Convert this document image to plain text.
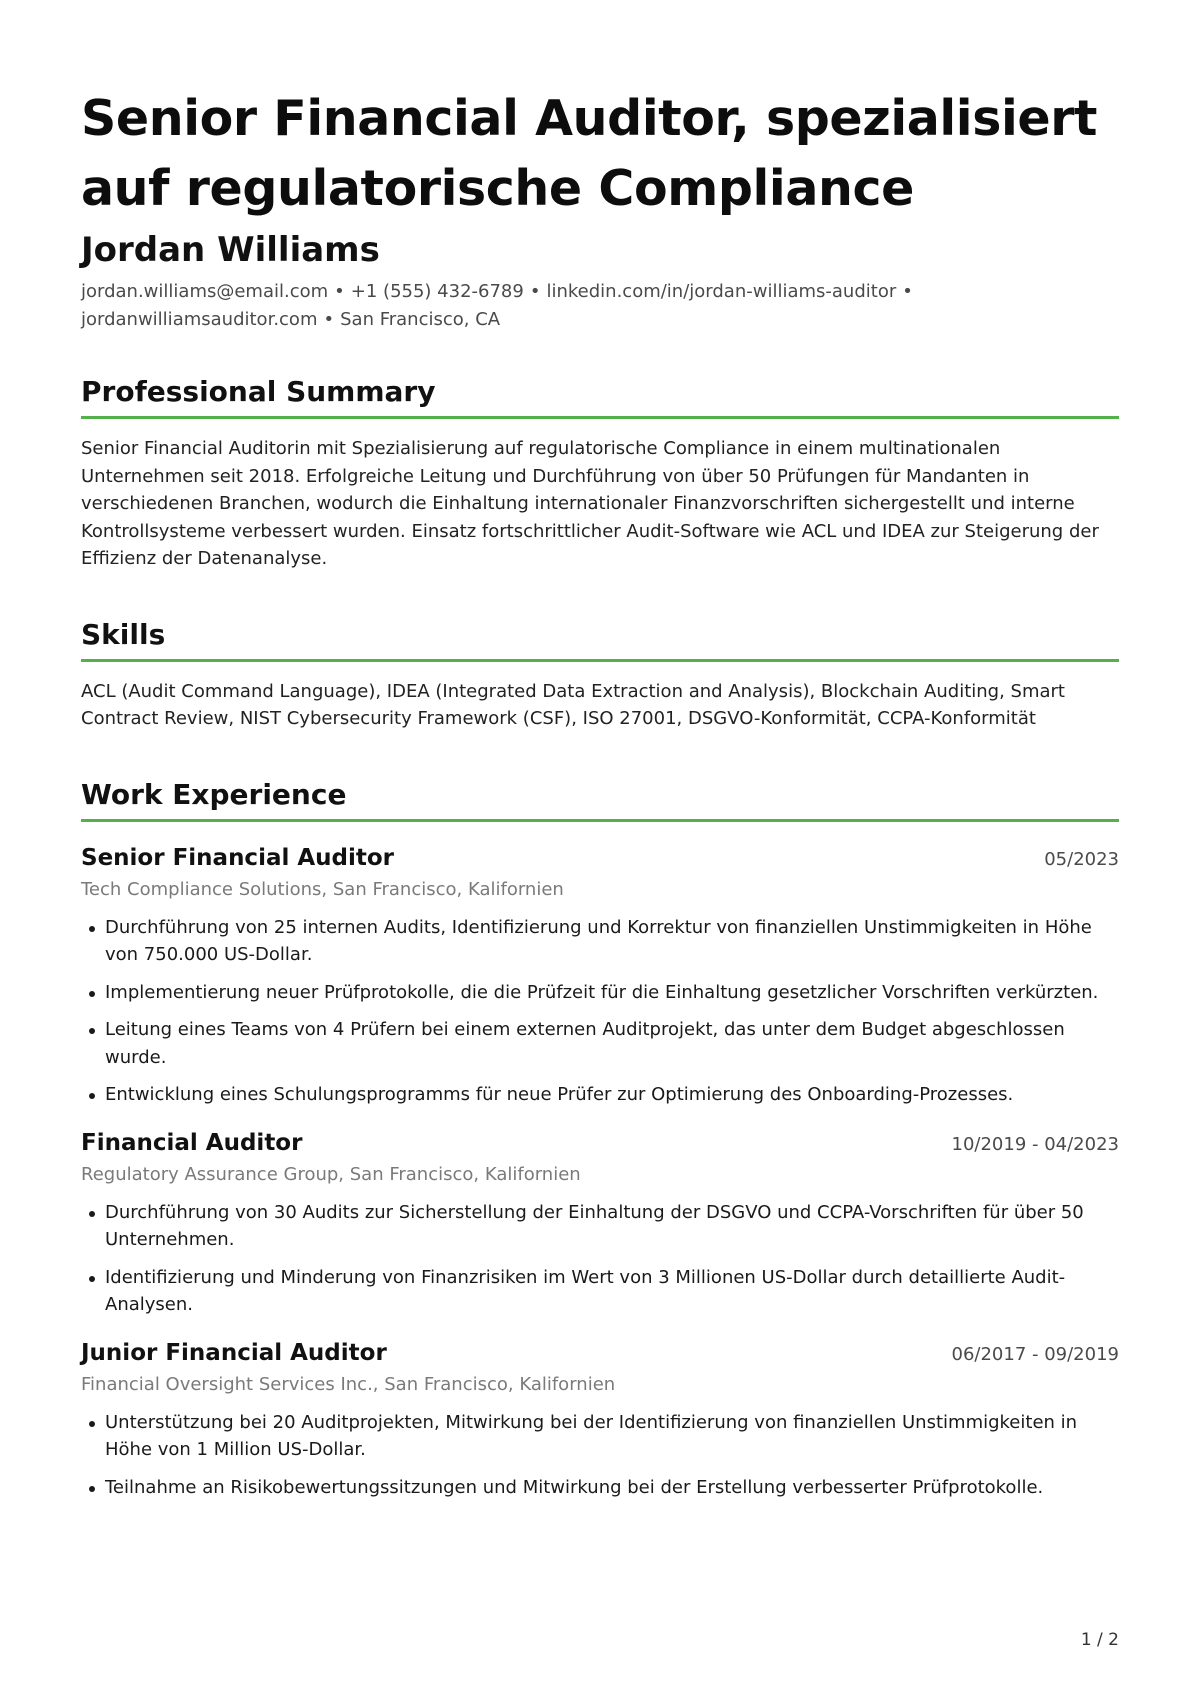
Senior Financial Auditor, spezialisiert auf regulatorische Compliance
Jordan Williams
jordan.williams@email.com • +1 (555) 432-6789 • linkedin.com/in/jordan-williams-auditor •
jordanwilliamsauditor.com • San Francisco, CA
Professional Summary
Senior Financial Auditorin mit Spezialisierung auf regulatorische Compliance in einem multinationalen Unternehmen seit 2018. Erfolgreiche Leitung und Durchführung von über 50 Prüfungen für Mandanten in verschiedenen Branchen, wodurch die Einhaltung internationaler Finanzvorschriften sichergestellt und interne Kontrollsysteme verbessert wurden. Einsatz fortschrittlicher Audit-Software wie ACL und IDEA zur Steigerung der Effizienz der Datenanalyse.
Skills
ACL (Audit Command Language), IDEA (Integrated Data Extraction and Analysis), Blockchain Auditing, Smart Contract Review, NIST Cybersecurity Framework (CSF), ISO 27001, DSGVO-Konformität, CCPA-Konformität
Work Experience
Senior Financial Auditor	05/2023
Tech Compliance Solutions, San Francisco, Kalifornien
Durchführung von 25 internen Audits, Identifizierung und Korrektur von finanziellen Unstimmigkeiten in Höhe von 750.000 US-Dollar.
Implementierung neuer Prüfprotokolle, die die Prüfzeit für die Einhaltung gesetzlicher Vorschriften verkürzten.
Leitung eines Teams von 4 Prüfern bei einem externen Auditprojekt, das unter dem Budget abgeschlossen wurde.
Entwicklung eines Schulungsprogramms für neue Prüfer zur Optimierung des Onboarding-Prozesses.
Financial Auditor	10/2019 - 04/2023
Regulatory Assurance Group, San Francisco, Kalifornien
Durchführung von 30 Audits zur Sicherstellung der Einhaltung der DSGVO und CCPA-Vorschriften für über 50 Unternehmen.
Identifizierung und Minderung von Finanzrisiken im Wert von 3 Millionen US-Dollar durch detaillierte Audit-Analysen.
Junior Financial Auditor	06/2017 - 09/2019
Financial Oversight Services Inc., San Francisco, Kalifornien
Unterstützung bei 20 Auditprojekten, Mitwirkung bei der Identifizierung von finanziellen Unstimmigkeiten in Höhe von 1 Million US-Dollar.
Teilnahme an Risikobewertungssitzungen und Mitwirkung bei der Erstellung verbesserter Prüfprotokolle.
1 / 2
